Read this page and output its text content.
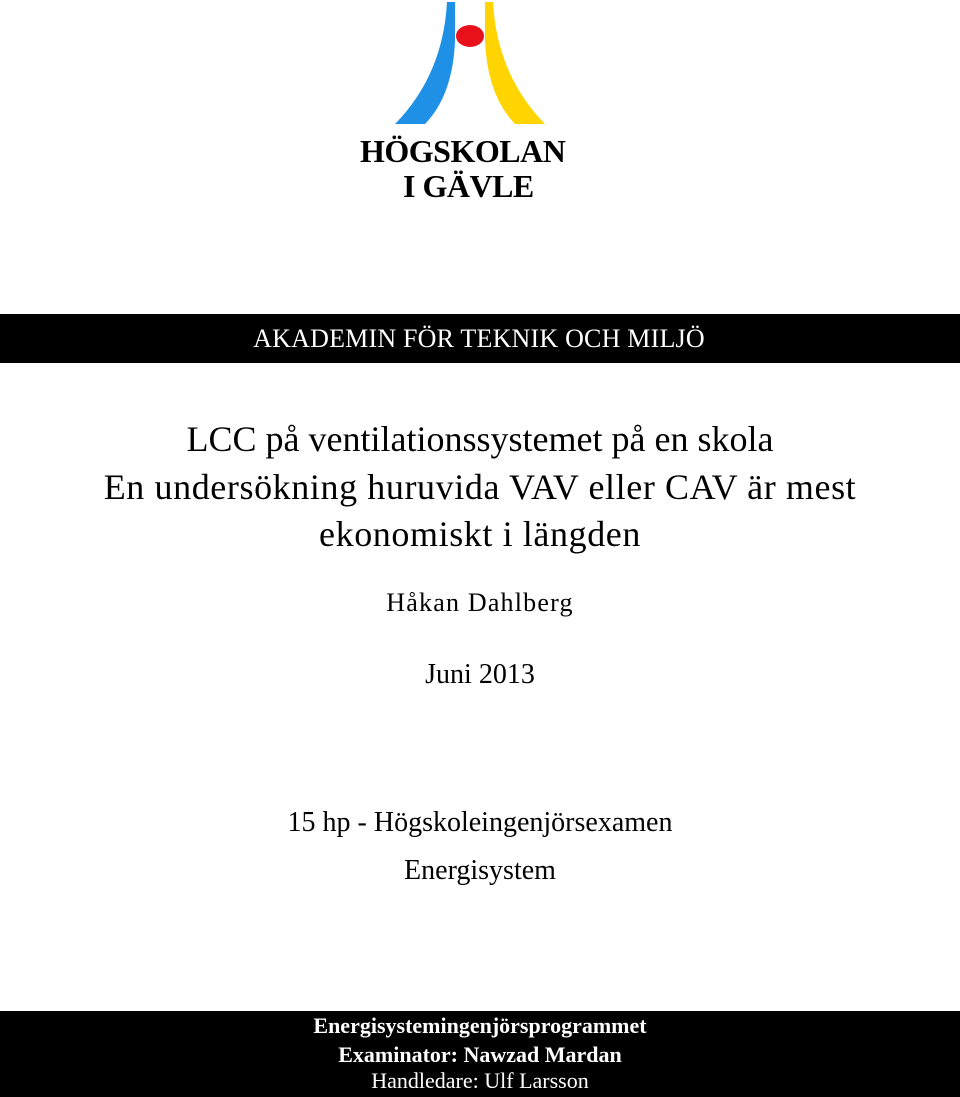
HÖGSKOLAN
I GÄVLE
AKADEMIN FÖR TEKNIK OCH MILJÖ
LCC på ventilationssystemet på en skola
En undersökning huruvida VAV eller CAV är mest
ekonomiskt i längden
Håkan Dahlberg
Juni 2013
15 hp - Högskoleingenjörsexamen
Energisystem
Energisystemingenjörsprogrammet
Examinator: Nawzad Mardan
Handledare: Ulf Larsson
